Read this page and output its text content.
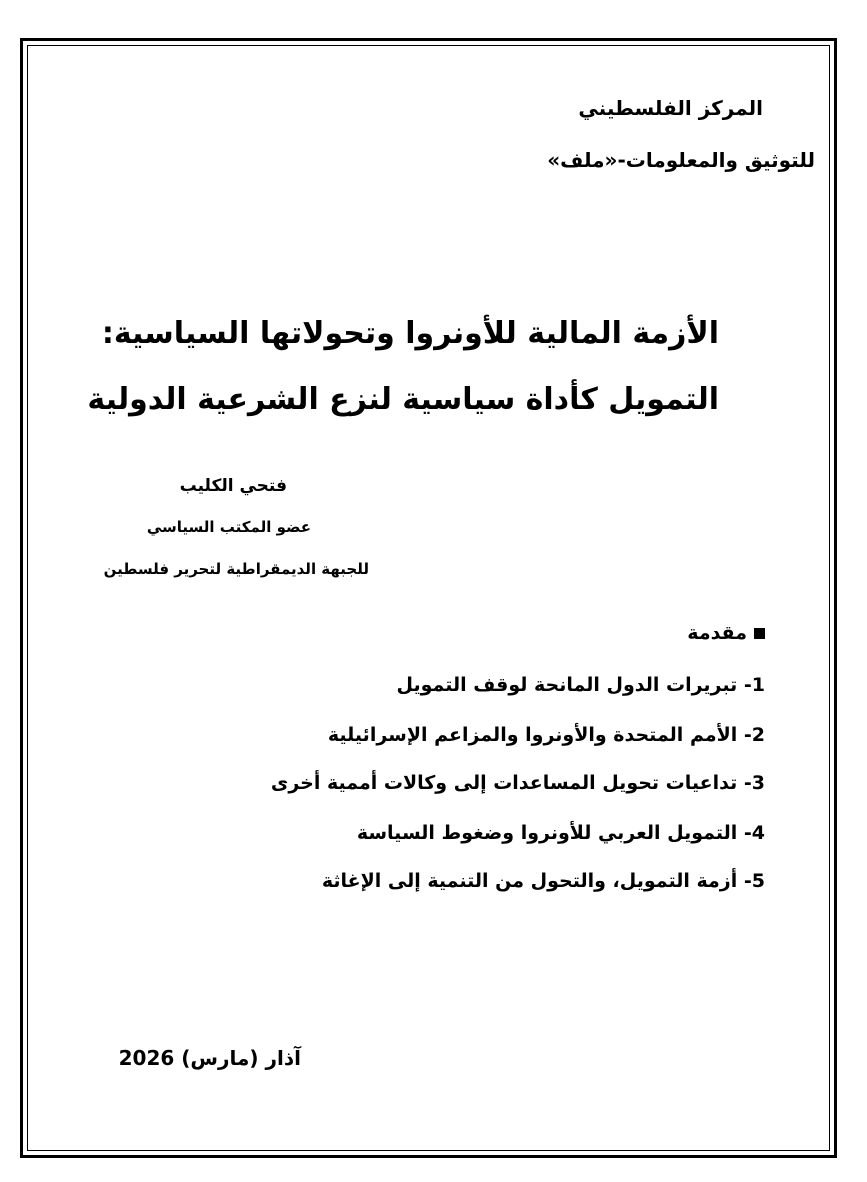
المركز الفلسطيني
للتوثيق والمعلومات-«ملف»
الأزمة المالية للأونروا وتحولاتها السياسية:
التمويل كأداة سياسية لنزع الشرعية الدولية
فتحي الكليب
عضو المكتب السياسي
للجبهة الديمقراطية لتحرير فلسطين
مقدمة
1- تبريرات الدول المانحة لوقف التمويل
2- الأمم المتحدة والأونروا والمزاعم الإسرائيلية
3- تداعيات تحويل المساعدات إلى وكالات أممية أخرى
4- التمويل العربي للأونروا وضغوط السياسة
5- أزمة التمويل، والتحول من التنمية إلى الإغاثة
آذار (مارس) 2026
